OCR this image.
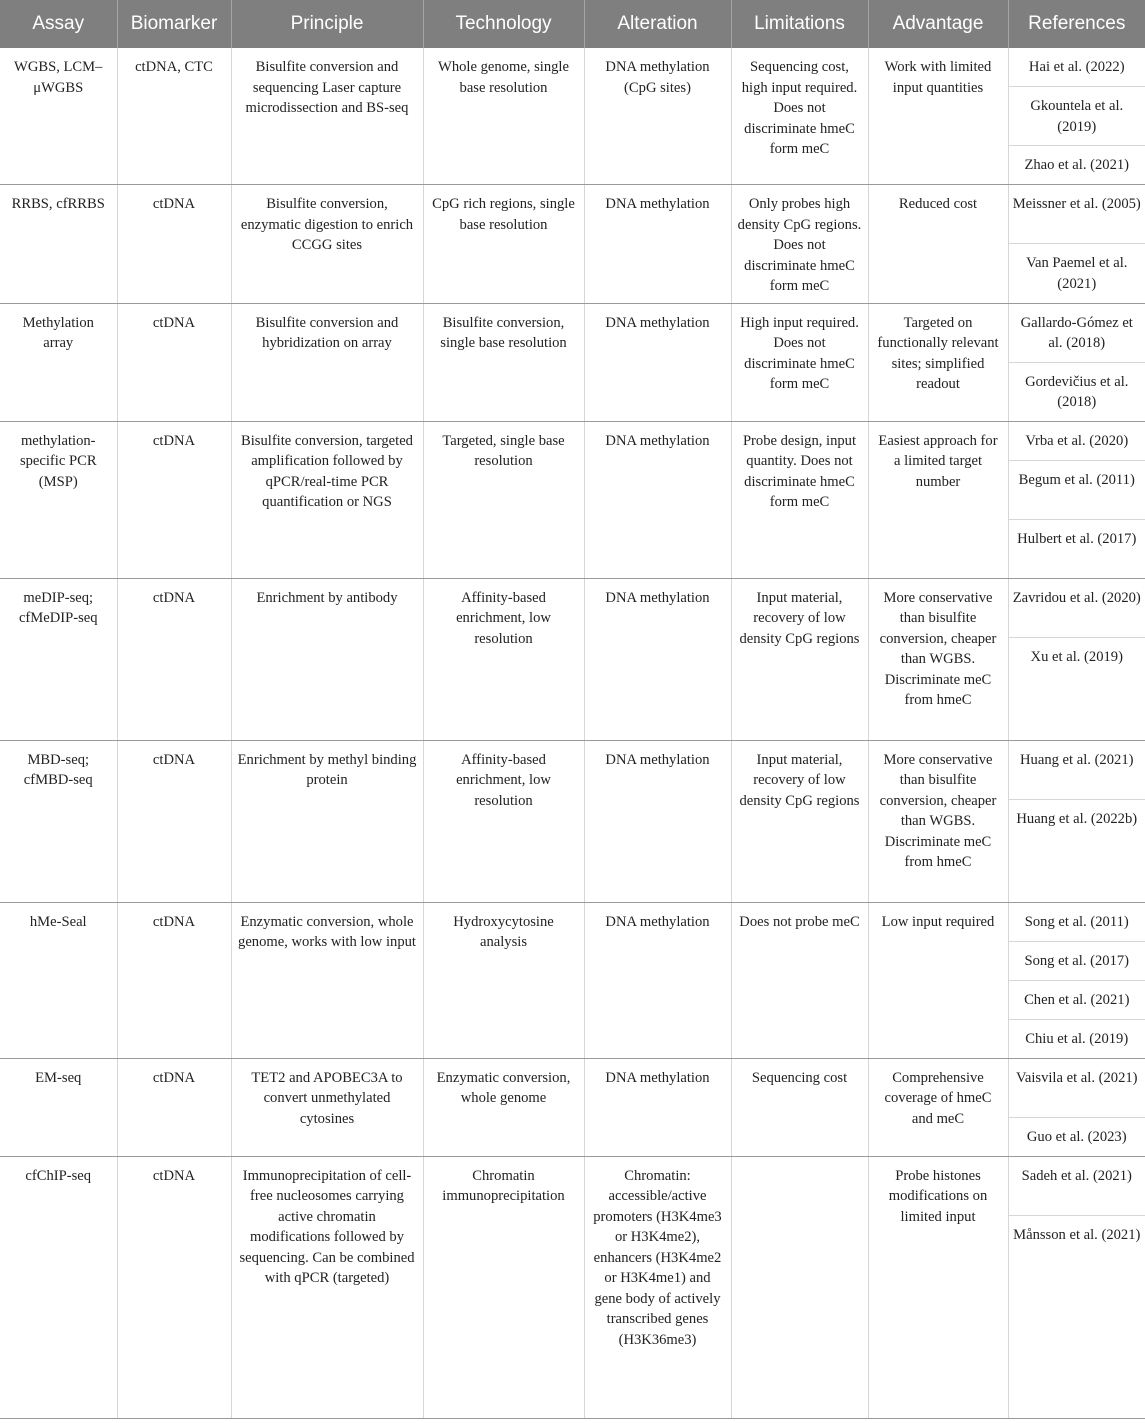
Assay	Biomarker	Principle	Technology	Alteration	Limitations	Advantage	References
WGBS, LCM–μWGBS	ctDNA, CTC	Bisulfite conversion and sequencing Laser capture microdissection and BS-seq	Whole genome, single base resolution	DNA methylation (CpG sites)	Sequencing cost, high input required. Does not discriminate hmeC form meC	Work with limited input quantities	Hai et al. (2022)
Gkountela et al. (2019)
Zhao et al. (2021)

RRBS, cfRRBS	ctDNA	Bisulfite conversion, enzymatic digestion to enrich CCGG sites	CpG rich regions, single base resolution	DNA methylation	Only probes high density CpG regions. Does not discriminate hmeC form meC	Reduced cost	Meissner et al. (2005)
Van Paemel et al. (2021)

Methylation array	ctDNA	Bisulfite conversion and hybridization on array	Bisulfite conversion, single base resolution	DNA methylation	High input required. Does not discriminate hmeC form meC	Targeted on functionally relevant sites; simplified readout	Gallardo-Gómez et al. (2018)
Gordevičius et al. (2018)

methylation-specific PCR (MSP)	ctDNA	Bisulfite conversion, targeted amplification followed by qPCR/real-time PCR quantification or NGS	Targeted, single base resolution	DNA methylation	Probe design, input quantity. Does not discriminate hmeC form meC	Easiest approach for a limited target number	Vrba et al. (2020)
Begum et al. (2011)
Hulbert et al. (2017)

meDIP-seq; cfMeDIP-seq	ctDNA	Enrichment by antibody	Affinity-based enrichment, low resolution	DNA methylation	Input material, recovery of low density CpG regions	More conservative than bisulfite conversion, cheaper than WGBS. Discriminate meC from hmeC	Zavridou et al. (2020)
Xu et al. (2019)

MBD-seq; cfMBD-seq	ctDNA	Enrichment by methyl binding protein	Affinity-based enrichment, low resolution	DNA methylation	Input material, recovery of low density CpG regions	More conservative than bisulfite conversion, cheaper than WGBS. Discriminate meC from hmeC	Huang et al. (2021)
Huang et al. (2022b)

hMe-Seal	ctDNA	Enzymatic conversion, whole genome, works with low input	Hydroxycytosine analysis	DNA methylation	Does not probe meC	Low input required	Song et al. (2011)
Song et al. (2017)
Chen et al. (2021)
Chiu et al. (2019)

EM-seq	ctDNA	TET2 and APOBEC3A to convert unmethylated cytosines	Enzymatic conversion, whole genome	DNA methylation	Sequencing cost	Comprehensive coverage of hmeC and meC	Vaisvila et al. (2021)
Guo et al. (2023)

cfChIP-seq	ctDNA	Immunoprecipitation of cell-free nucleosomes carrying active chromatin modifications followed by sequencing. Can be combined with qPCR (targeted)	Chromatin immunoprecipitation	Chromatin: accessible/active promoters (H3K4me3 or H3K4me2), enhancers (H3K4me2 or H3K4me1) and gene body of actively transcribed genes (H3K36me3)		Probe histones modifications on limited input	Sadeh et al. (2021)
Månsson et al. (2021)
